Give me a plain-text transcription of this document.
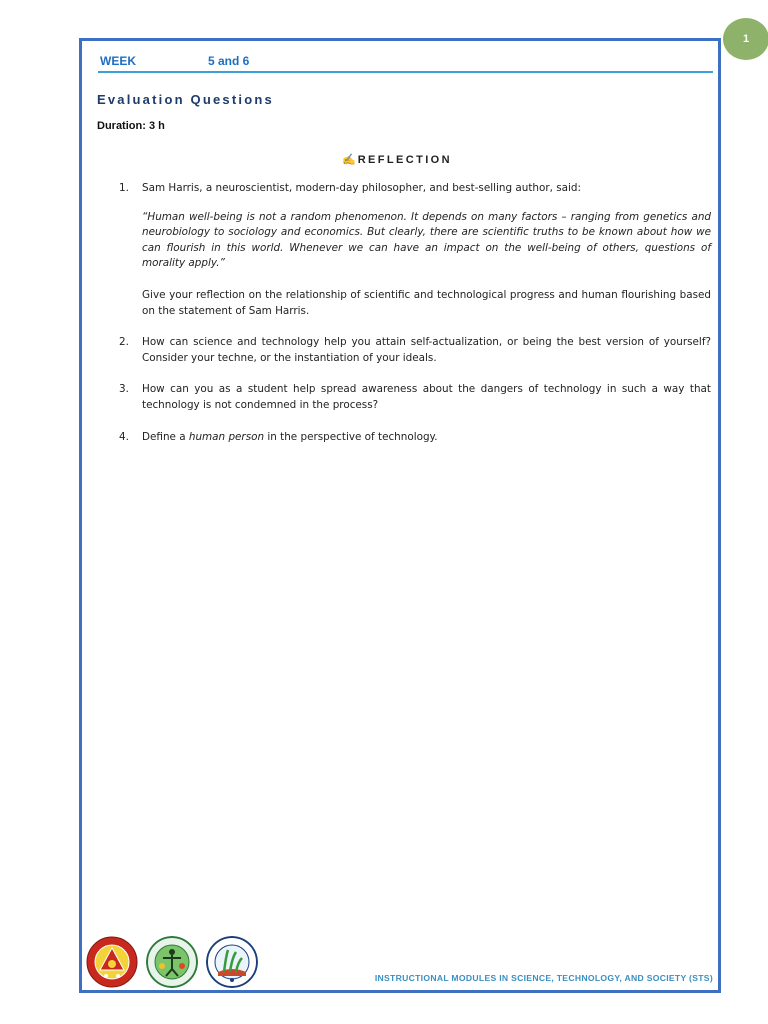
1
WEEK	5 and 6
Evaluation Questions
Duration: 3 h
✍ REFLECTION
1. Sam Harris, a neuroscientist, modern-day philosopher, and best-selling author, said:
“Human well-being is not a random phenomenon. It depends on many factors – ranging from genetics and neurobiology to sociology and economics. But clearly, there are scientific truths to be known about how we can flourish in this world. Whenever we can have an impact on the well-being of others, questions of morality apply.”
Give your reflection on the relationship of scientific and technological progress and human flourishing based on the statement of Sam Harris.
2. How can science and technology help you attain self-actualization, or being the best version of yourself? Consider your techne, or the instantiation of your ideals.
3. How can you as a student help spread awareness about the dangers of technology in such a way that technology is not condemned in the process?
4. Define a human person in the perspective of technology.
INSTRUCTIONAL MODULES IN SCIENCE, TECHNOLOGY, AND SOCIETY (STS)
